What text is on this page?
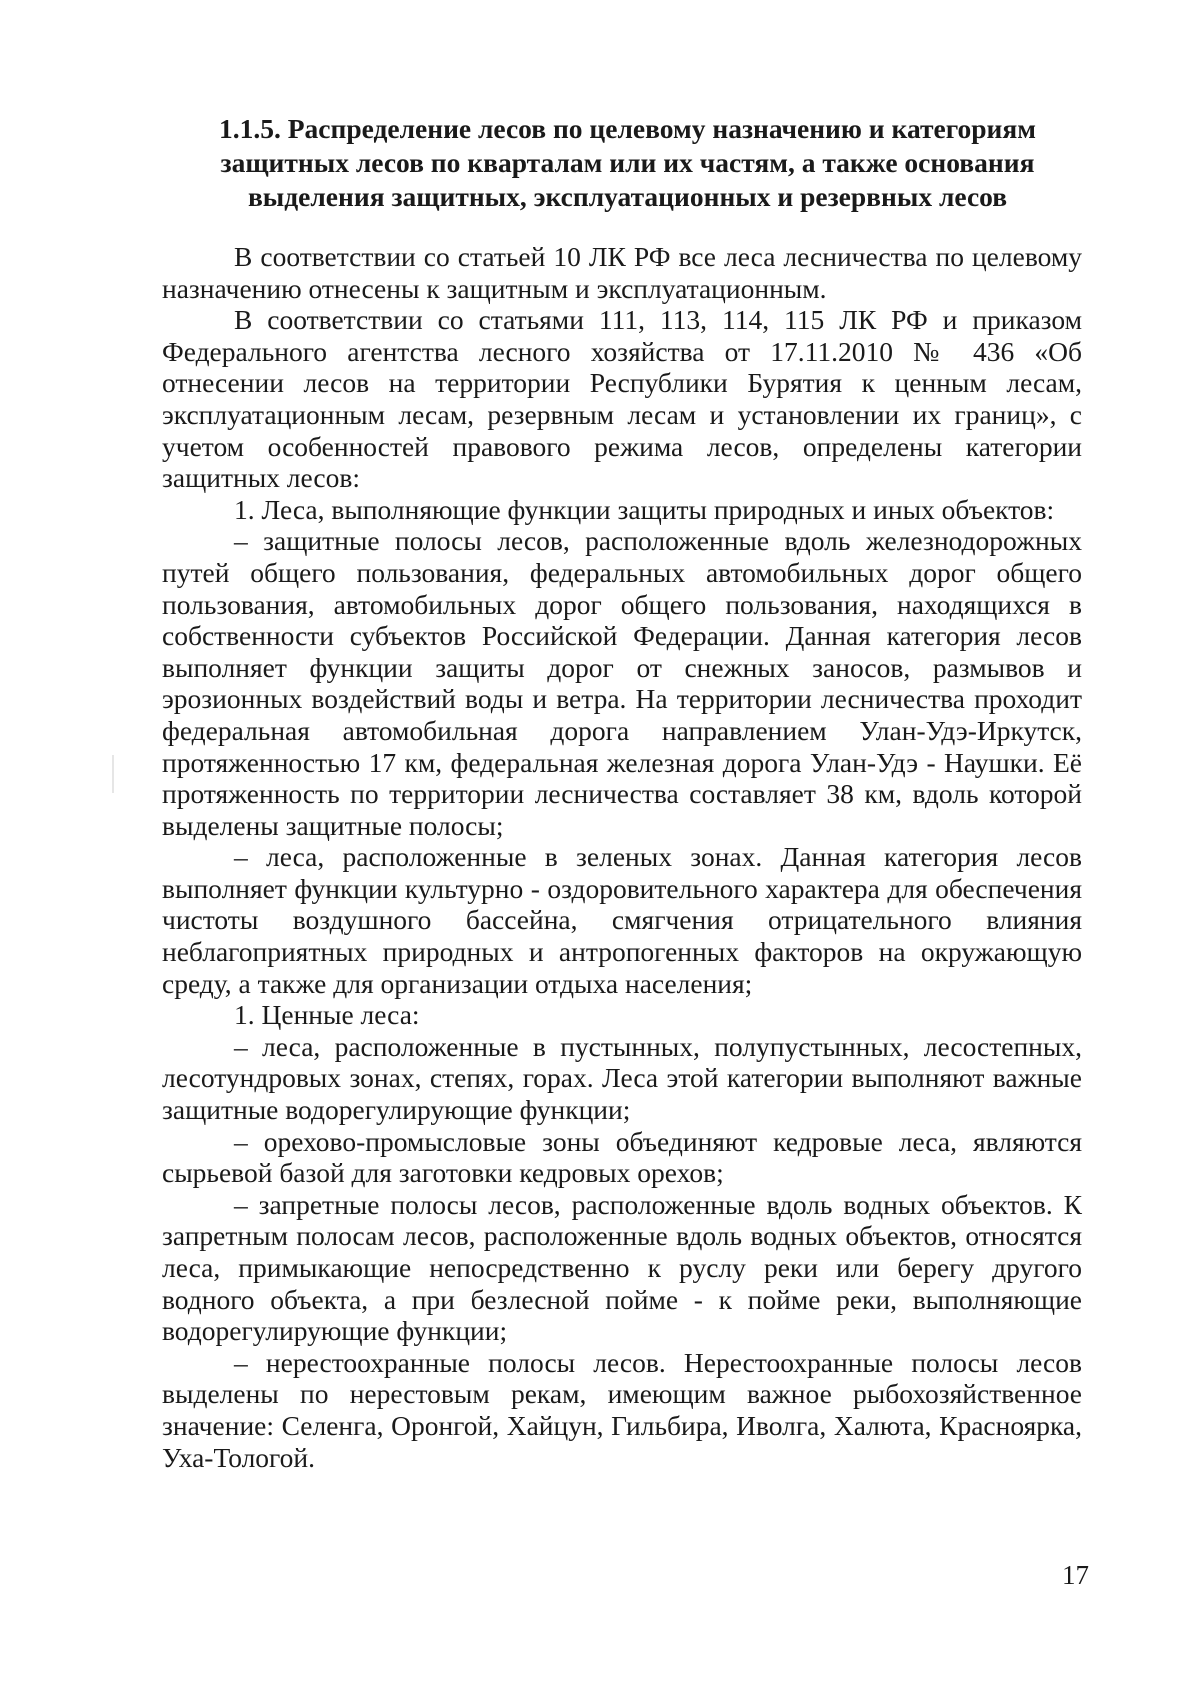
1.1.5. Распределение лесов по целевому назначению и категориям
защитных лесов по кварталам или их частям, а также основания
выделения защитных, эксплуатационных и резервных лесов

В соответствии со статьей 10 ЛК РФ все леса лесничества по целевому назначению отнесены к защитным и эксплуатационным.

В соответствии со статьями 111, 113, 114, 115 ЛК РФ и приказом Федерального агентства лесного хозяйства от 17.11.2010 № 436 «Об отнесении лесов на территории Республики Бурятия к ценным лесам, эксплуатационным лесам, резервным лесам и установлении их границ», с учетом особенностей правового режима лесов, определены категории защитных лесов:

1. Леса, выполняющие функции защиты природных и иных объектов:

– защитные полосы лесов, расположенные вдоль железнодорожных путей общего пользования, федеральных автомобильных дорог общего пользования, автомобильных дорог общего пользования, находящихся в собственности субъектов Российской Федерации. Данная категория лесов выполняет функции защиты дорог от снежных заносов, размывов и эрозионных воздействий воды и ветра. На территории лесничества проходит федеральная автомобильная дорога направлением Улан-Удэ-Иркутск, протяженностью 17 км, федеральная железная дорога Улан-Удэ - Наушки. Её протяженность по территории лесничества составляет 38 км, вдоль которой выделены защитные полосы;

– леса, расположенные в зеленых зонах. Данная категория лесов выполняет функции культурно - оздоровительного характера для обеспечения чистоты воздушного бассейна, смягчения отрицательного влияния неблагоприятных природных и антропогенных факторов на окружающую среду, а также для организации отдыха населения;

1. Ценные леса:

– леса, расположенные в пустынных, полупустынных, лесостепных, лесотундровых зонах, степях, горах. Леса этой категории выполняют важные защитные водорегулирующие функции;

– орехово-промысловые зоны объединяют кедровые леса, являются сырьевой базой для заготовки кедровых орехов;

– запретные полосы лесов, расположенные вдоль водных объектов. К запретным полосам лесов, расположенные вдоль водных объектов, относятся леса, примыкающие непосредственно к руслу реки или берегу другого водного объекта, а при безлесной пойме - к пойме реки, выполняющие водорегулирующие функции;

– нерестоохранные полосы лесов. Нерестоохранные полосы лесов выделены по нерестовым рекам, имеющим важное рыбохозяйственное значение: Селенга, Оронгой, Хайцун, Гильбира, Иволга, Халюта, Красноярка, Уха-Тологой.

17
